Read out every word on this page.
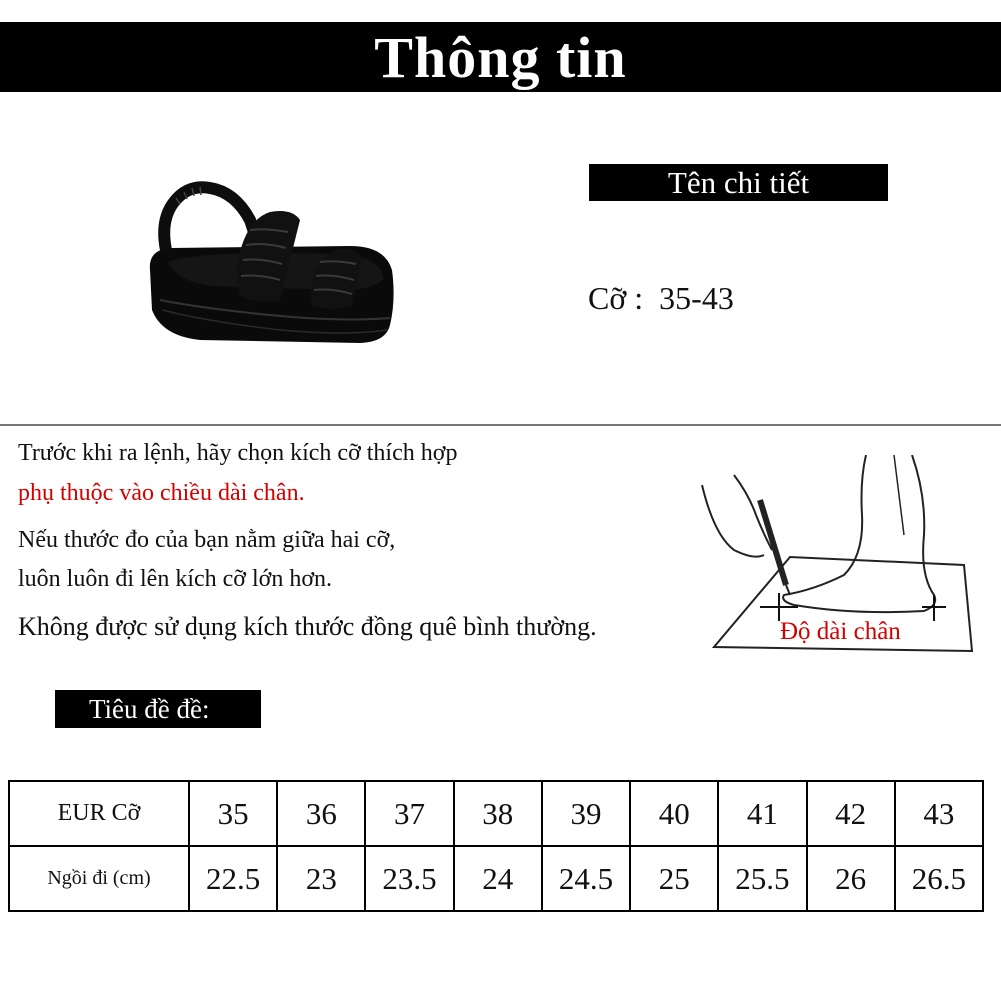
Thông tin
Tên chi tiết
Cỡ :  35-43
Trước khi ra lệnh, hãy chọn kích cỡ thích hợp
phụ thuộc vào chiều dài chân.
Nếu thước đo của bạn nằm giữa hai cỡ,
luôn luôn đi lên kích cỡ lớn hơn.
Không được sử dụng kích thước đồng quê bình thường.	Độ dài chân
Tiêu đề đề:
EUR Cỡ	35	36	37	38	39	40	41	42	43
Ngồi đi (cm)	22.5	23	23.5	24	24.5	25	25.5	26	26.5
